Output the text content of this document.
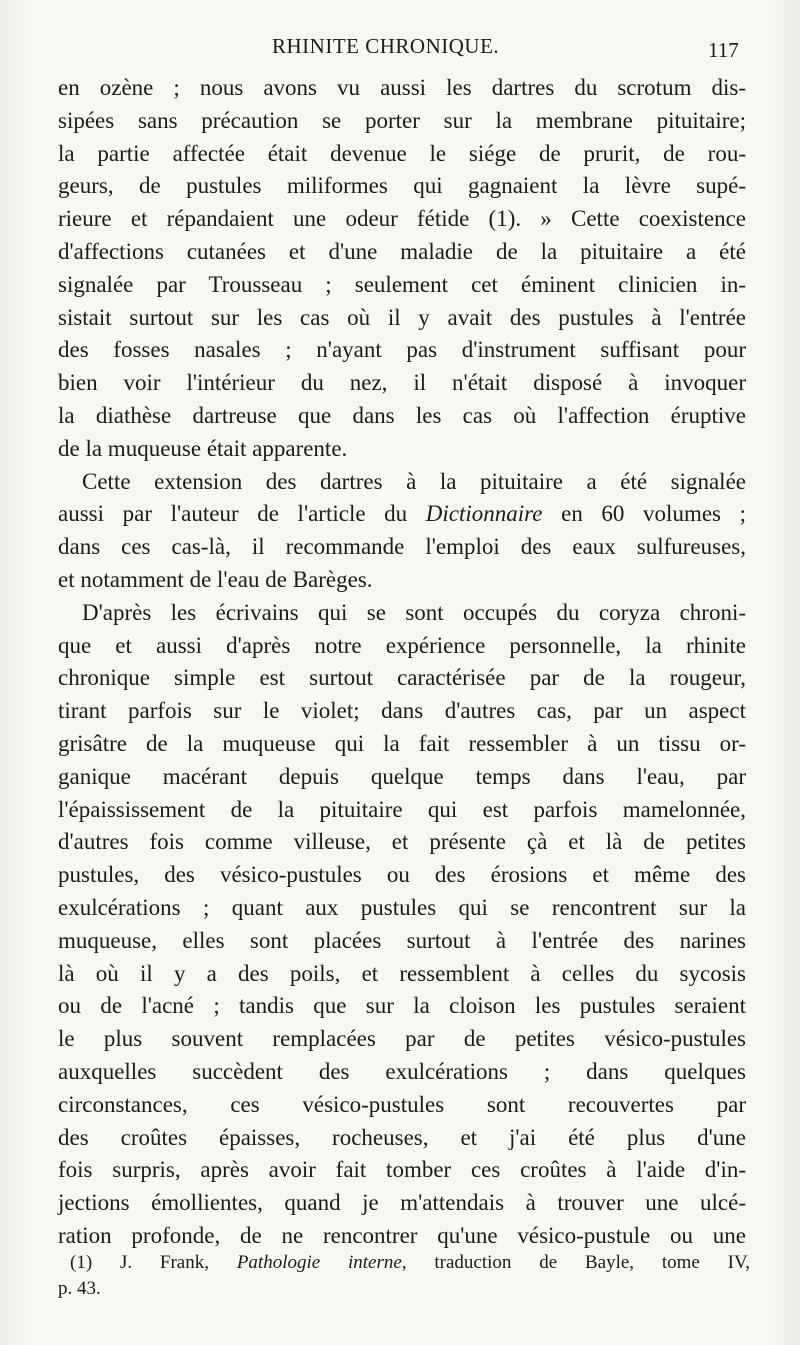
RHINITE CHRONIQUE.	117
en ozène ; nous avons vu aussi les dartres du scrotum dis-
sipées sans précaution se porter sur la membrane pituitaire;
la partie affectée était devenue le siége de prurit, de rou-
geurs, de pustules miliformes qui gagnaient la lèvre supé-
rieure et répandaient une odeur fétide (1). » Cette coexistence
d'affections cutanées et d'une maladie de la pituitaire a été
signalée par Trousseau ; seulement cet éminent clinicien in-
sistait surtout sur les cas où il y avait des pustules à l'entrée
des fosses nasales ; n'ayant pas d'instrument suffisant pour
bien voir l'intérieur du nez, il n'était disposé à invoquer
la diathèse dartreuse que dans les cas où l'affection éruptive
de la muqueuse était apparente.
Cette extension des dartres à la pituitaire a été signalée
aussi par l'auteur de l'article du Dictionnaire en 60 volumes ;
dans ces cas-là, il recommande l'emploi des eaux sulfureuses,
et notamment de l'eau de Barèges.
D'après les écrivains qui se sont occupés du coryza chroni-
que et aussi d'après notre expérience personnelle, la rhinite
chronique simple est surtout caractérisée par de la rougeur,
tirant parfois sur le violet; dans d'autres cas, par un aspect
grisâtre de la muqueuse qui la fait ressembler à un tissu or-
ganique macérant depuis quelque temps dans l'eau, par
l'épaississement de la pituitaire qui est parfois mamelonnée,
d'autres fois comme villeuse, et présente çà et là de petites
pustules, des vésico-pustules ou des érosions et même des
exulcérations ; quant aux pustules qui se rencontrent sur la
muqueuse, elles sont placées surtout à l'entrée des narines
là où il y a des poils, et ressemblent à celles du sycosis
ou de l'acné ; tandis que sur la cloison les pustules seraient
le plus souvent remplacées par de petites vésico-pustules
auxquelles succèdent des exulcérations ; dans quelques
circonstances, ces vésico-pustules sont recouvertes par
des croûtes épaisses, rocheuses, et j'ai été plus d'une
fois surpris, après avoir fait tomber ces croûtes à l'aide d'in-
jections émollientes, quand je m'attendais à trouver une ulcé-
ration profonde, de ne rencontrer qu'une vésico-pustule ou une
(1) J. Frank, Pathologie interne, traduction de Bayle, tome IV,
p. 43.
